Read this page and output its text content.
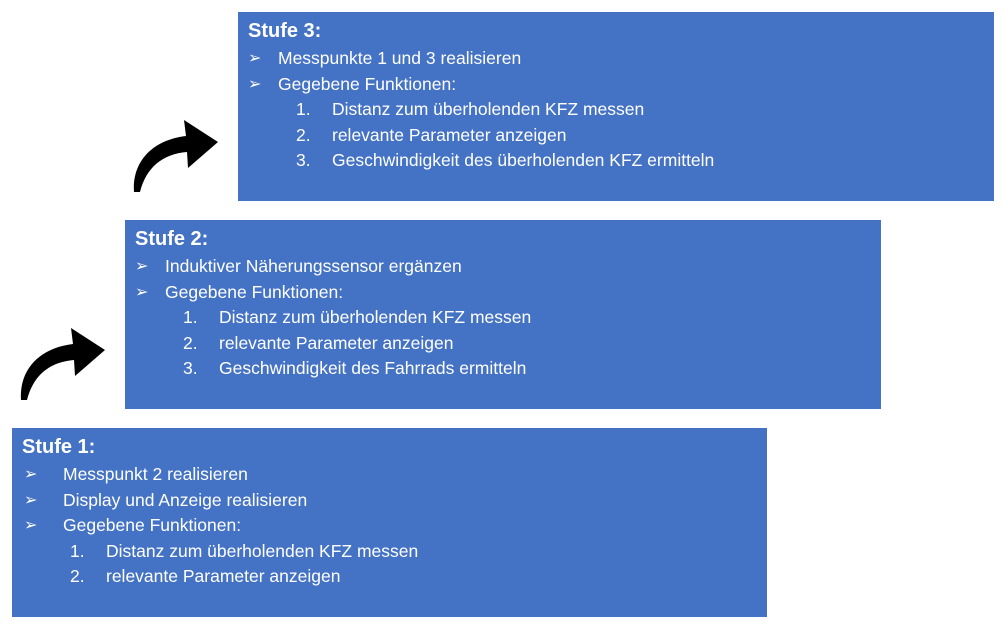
Stufe 3:
➢ Messpunkte 1 und 3 realisieren
➢ Gegebene Funktionen:
1.	Distanz zum überholenden KFZ messen
2.	relevante Parameter anzeigen
3.	Geschwindigkeit des überholenden KFZ ermitteln
Stufe 2:
➢ Induktiver Näherungssensor ergänzen
➢ Gegebene Funktionen:
1.	Distanz zum überholenden KFZ messen
2.	relevante Parameter anzeigen
3.	Geschwindigkeit des Fahrrads ermitteln
Stufe 1:
➢	Messpunkt 2 realisieren
➢	Display und Anzeige realisieren
➢	Gegebene Funktionen:
1.	Distanz zum überholenden KFZ messen
2.	relevante Parameter anzeigen
